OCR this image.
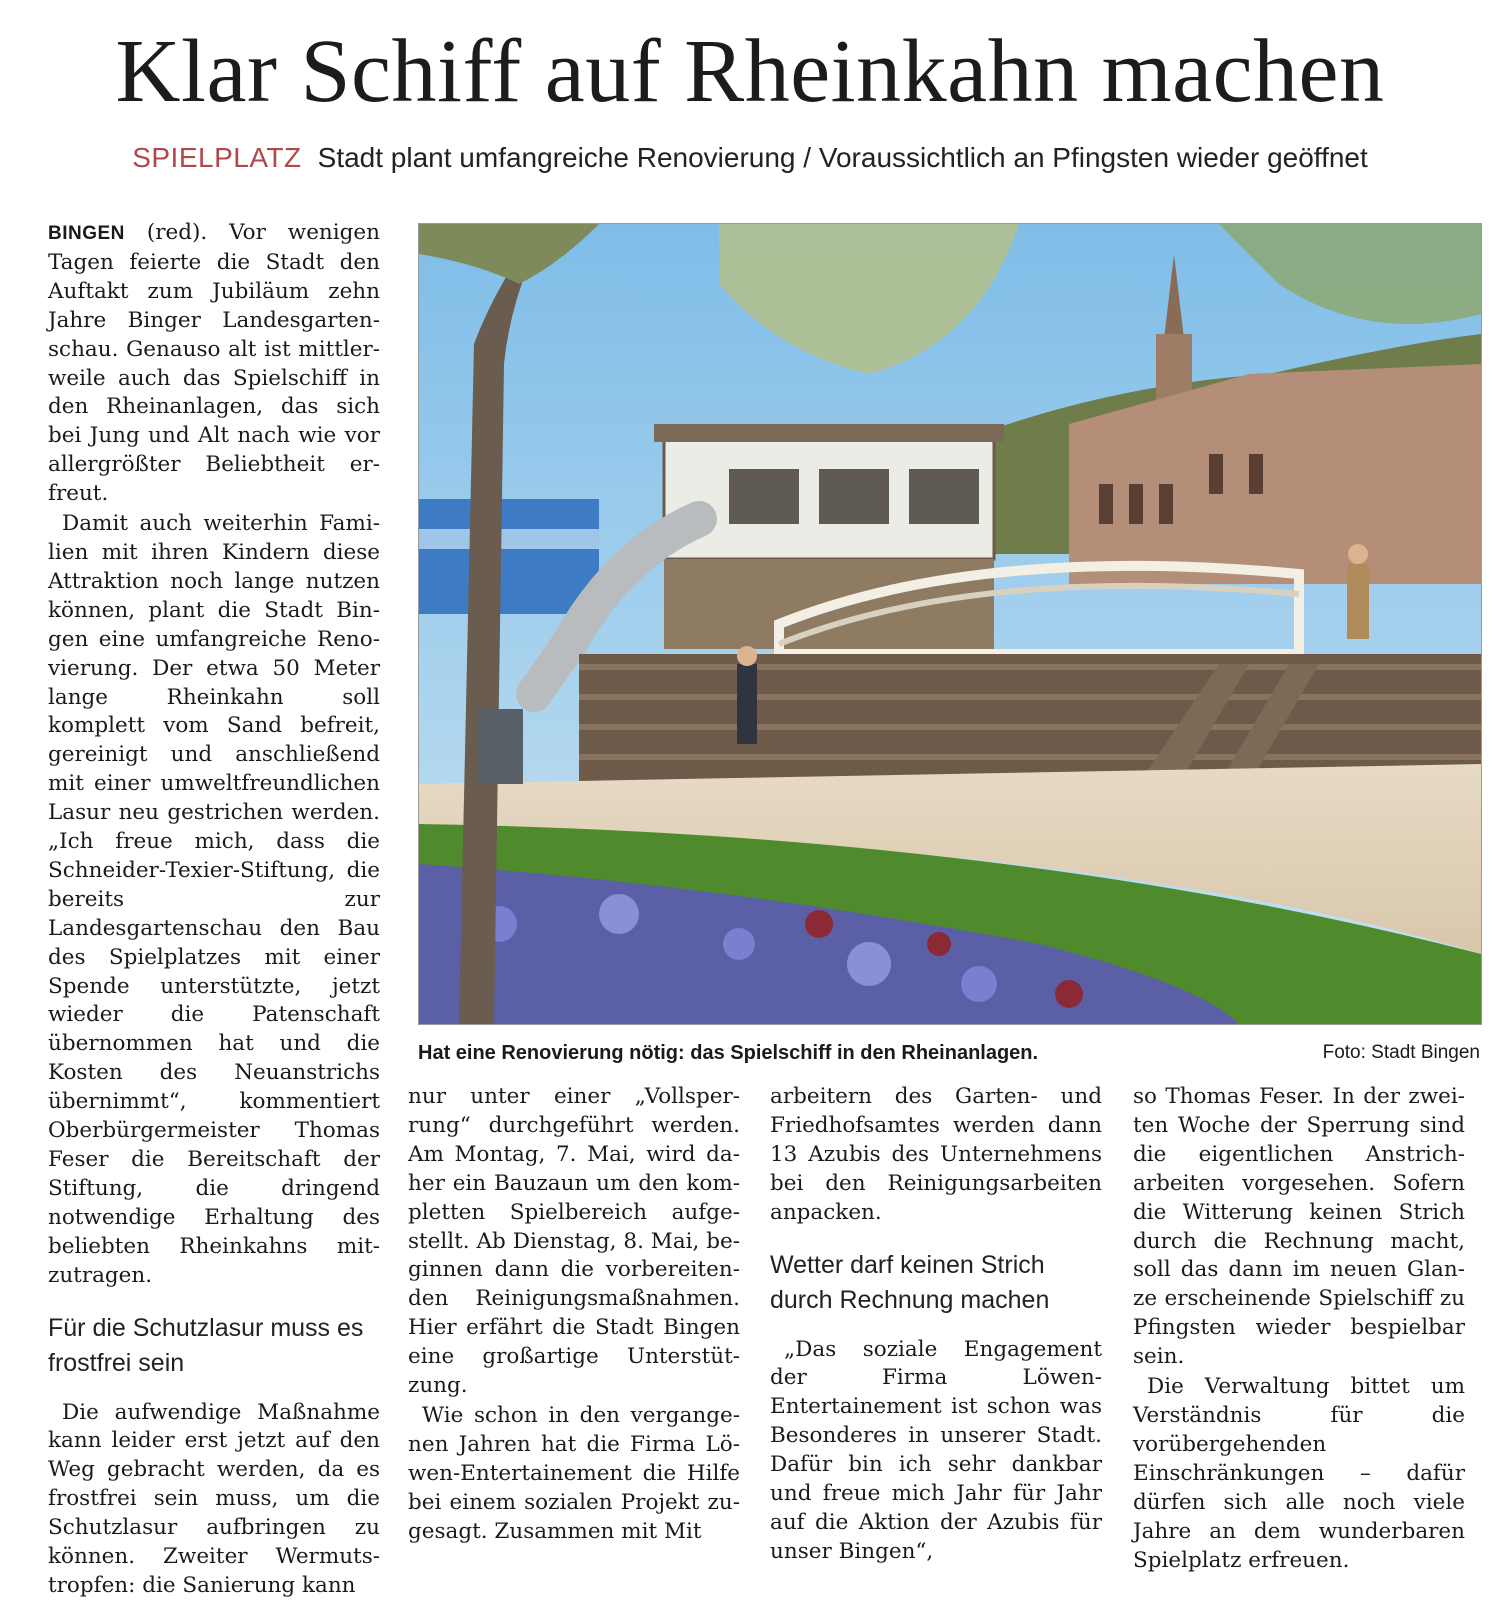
Klar Schiff auf Rheinkahn machen
SPIELPLATZ Stadt plant umfangreiche Renovierung / Voraussichtlich an Pfingsten wieder geöffnet

BINGEN (red). Vor wenigen Tagen feierte die Stadt den Auftakt zum Jubiläum zehn Jahre Binger Landesgartenschau. Genauso alt ist mittlerweile auch das Spielschiff in den Rheinanlagen, das sich bei Jung und Alt nach wie vor allergrößter Beliebtheit erfreut.

Damit auch weiterhin Familien mit ihren Kindern diese Attraktion noch lange nutzen können, plant die Stadt Bingen eine umfangreiche Renovierung. Der etwa 50 Meter lange Rheinkahn soll komplett vom Sand befreit, gereinigt und anschließend mit einer umweltfreundlichen Lasur neu gestrichen werden. „Ich freue mich, dass die Schneider-Texier-Stiftung, die bereits zur Landesgartenschau den Bau des Spielplatzes mit einer Spende unterstützte, jetzt wieder die Patenschaft übernommen hat und die Kosten des Neuanstrichs übernimmt“, kommentiert Oberbürgermeister Thomas Feser die Bereitschaft der Stiftung, die dringend notwendige Erhaltung des beliebten Rheinkahns mitzutragen.

Für die Schutzlasur muss es frostfrei sein

Die aufwendige Maßnahme kann leider erst jetzt auf den Weg gebracht werden, da es frostfrei sein muss, um die Schutzlasur aufbringen zu können. Zweiter Wermutstropfen: die Sanierung kann

Hat eine Renovierung nötig: das Spielschiff in den Rheinanlagen.	Foto: Stadt Bingen

nur unter einer „Vollsperrung“ durchgeführt werden. Am Montag, 7. Mai, wird daher ein Bauzaun um den kompletten Spielbereich aufgestellt. Ab Dienstag, 8. Mai, beginnen dann die vorbereitenden Reinigungsmaßnahmen. Hier erfährt die Stadt Bingen eine großartige Unterstützung.

Wie schon in den vergangenen Jahren hat die Firma Löwen-Entertainement die Hilfe bei einem sozialen Projekt zugesagt. Zusammen mit Mit

arbeitern des Garten- und Friedhofsamtes werden dann 13 Azubis des Unternehmens bei den Reinigungsarbeiten anpacken.

Wetter darf keinen Strich durch Rechnung machen

„Das soziale Engagement der Firma Löwen-Entertainement ist schon was Besonderes in unserer Stadt. Dafür bin ich sehr dankbar und freue mich Jahr für Jahr auf die Aktion der Azubis für unser Bingen“,

so Thomas Feser. In der zweiten Woche der Sperrung sind die eigentlichen Anstricharbeiten vorgesehen. Sofern die Witterung keinen Strich durch die Rechnung macht, soll das dann im neuen Glanze erscheinende Spielschiff zu Pfingsten wieder bespielbar sein.

Die Verwaltung bittet um Verständnis für die vorübergehenden Einschränkungen – dafür dürfen sich alle noch viele Jahre an dem wunderbaren Spielplatz erfreuen.
